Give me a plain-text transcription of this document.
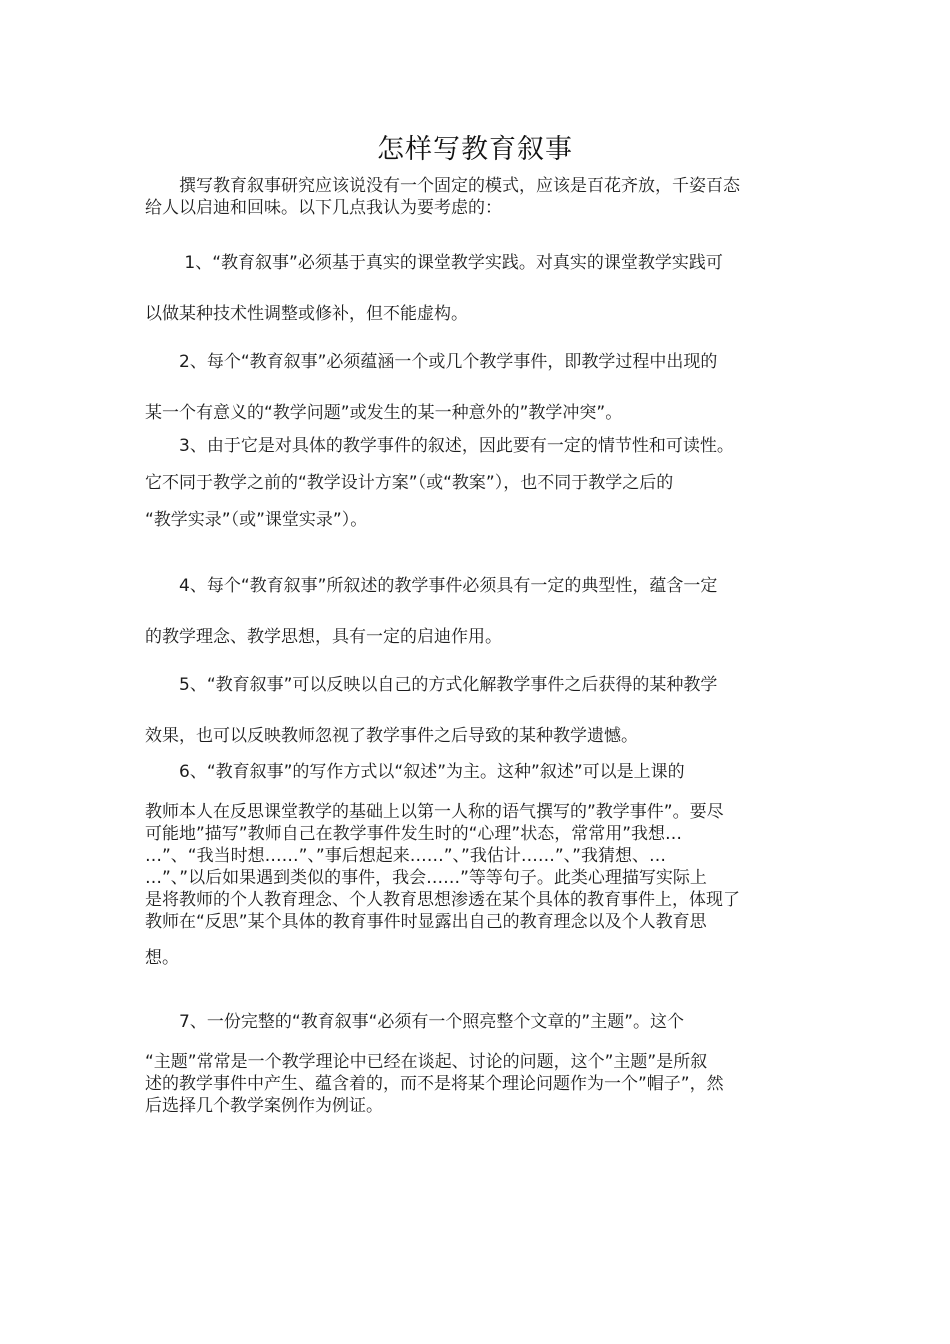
怎样写教育叙事
　　撰写教育叙事研究应该说没有一个固定的模式，应该是百花齐放，千姿百态
给人以启迪和回味。以下几点我认为要考虑的：
　　 1、“教育叙事”必须基于真实的课堂教学实践。对真实的课堂教学实践可
以做某种技术性调整或修补，但不能虚构。
　　2、每个“教育叙事”必须蕴涵一个或几个教学事件，即教学过程中出现的
某一个有意义的“教学问题”或发生的某一种意外的”教学冲突”。
　　3、由于它是对具体的教学事件的叙述，因此要有一定的情节性和可读性。
它不同于教学之前的“教学设计方案”（或“教案”），也不同于教学之后的
“教学实录”（或”课堂实录”）。
　　4、每个“教育叙事”所叙述的教学事件必须具有一定的典型性，蕴含一定
的教学理念、教学思想，具有一定的启迪作用。
　　5、“教育叙事”可以反映以自己的方式化解教学事件之后获得的某种教学
效果，也可以反映教师忽视了教学事件之后导致的某种教学遗憾。
　　6、“教育叙事”的写作方式以“叙述”为主。这种”叙述”可以是上课的
教师本人在反思课堂教学的基础上以第一人称的语气撰写的”教学事件”。要尽
可能地”描写”教师自己在教学事件发生时的“心理”状态，常常用”我想…
…”、“我当时想……”、”事后想起来……”、”我估计……”、”我猜想、…
…”、”以后如果遇到类似的事件，我会……”等等句子。此类心理描写实际上
是将教师的个人教育理念、个人教育思想渗透在某个具体的教育事件上，体现了
教师在“反思”某个具体的教育事件时显露出自己的教育理念以及个人教育思
想。
　　7、一份完整的“教育叙事“必须有一个照亮整个文章的”主题”。这个
“主题”常常是一个教学理论中已经在谈起、讨论的问题，这个”主题”是所叙
述的教学事件中产生、蕴含着的，而不是将某个理论问题作为一个”帽子”，然
后选择几个教学案例作为例证。
